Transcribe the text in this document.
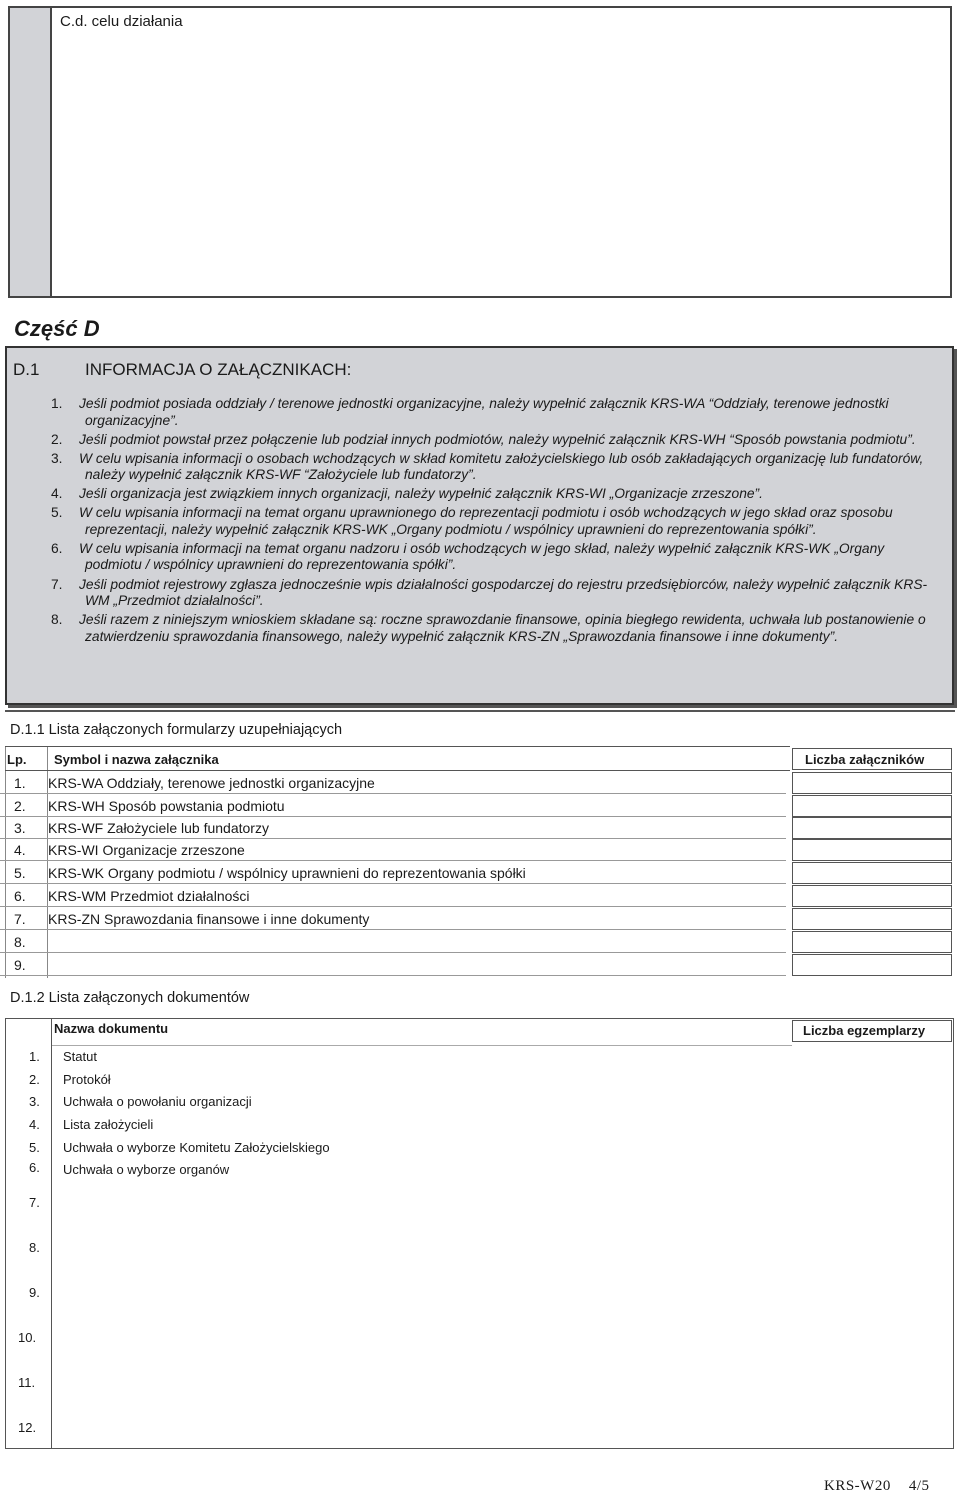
C.d. celu działania
Część D
D.1	INFORMACJA O ZAŁĄCZNIKACH:
1. Jeśli podmiot posiada oddziały / terenowe jednostki organizacyjne, należy wypełnić załącznik KRS-WA “Oddziały, terenowe jednostki organizacyjne”.
2. Jeśli podmiot powstał przez połączenie lub podział innych podmiotów, należy wypełnić załącznik KRS-WH “Sposób powstania podmiotu”.
3. W celu wpisania informacji o osobach wchodzących w skład komitetu założycielskiego lub osób zakładających organizację lub fundatorów, należy wypełnić załącznik KRS-WF “Założyciele lub fundatorzy”.
4. Jeśli organizacja jest związkiem innych organizacji, należy wypełnić załącznik KRS-WI „Organizacje zrzeszone”.
5. W celu wpisania informacji na temat organu uprawnionego do reprezentacji podmiotu i osób wchodzących w jego skład oraz sposobu reprezentacji, należy wypełnić załącznik KRS-WK „Organy podmiotu / wspólnicy uprawnieni do reprezentowania spółki”.
6. W celu wpisania informacji na temat organu nadzoru i osób wchodzących w jego skład, należy wypełnić załącznik KRS-WK „Organy podmiotu / wspólnicy uprawnieni do reprezentowania spółki”.
7. Jeśli podmiot rejestrowy zgłasza jednocześnie wpis działalności gospodarczej do rejestru przedsiębiorców, należy wypełnić załącznik KRS-WM „Przedmiot działalności”.
8. Jeśli razem z niniejszym wnioskiem składane są: roczne sprawozdanie finansowe, opinia biegłego rewidenta, uchwała lub postanowienie o zatwierdzeniu sprawozdania finansowego, należy wypełnić załącznik KRS-ZN „Sprawozdania finansowe i inne dokumenty”.
D.1.1 Lista załączonych formularzy uzupełniających
Lp. Symbol i nazwa załącznika	Liczba załączników
1. KRS-WA Oddziały, terenowe jednostki organizacyjne
2. KRS-WH Sposób powstania podmiotu
3. KRS-WF Założyciele lub fundatorzy
4. KRS-WI Organizacje zrzeszone
5. KRS-WK Organy podmiotu / wspólnicy uprawnieni do reprezentowania spółki
6. KRS-WM Przedmiot działalności
7. KRS-ZN Sprawozdania finansowe i inne dokumenty
8.
9.
D.1.2 Lista załączonych dokumentów
Nazwa dokumentu	Liczba egzemplarzy
1. Statut
2. Protokół
3. Uchwała o powołaniu organizacji
4. Lista założycieli
5. Uchwała o wyborze Komitetu Założycielskiego
6. Uchwała o wyborze organów
7.
8.
9.
10.
11.
12.
KRS-W20 4/5
